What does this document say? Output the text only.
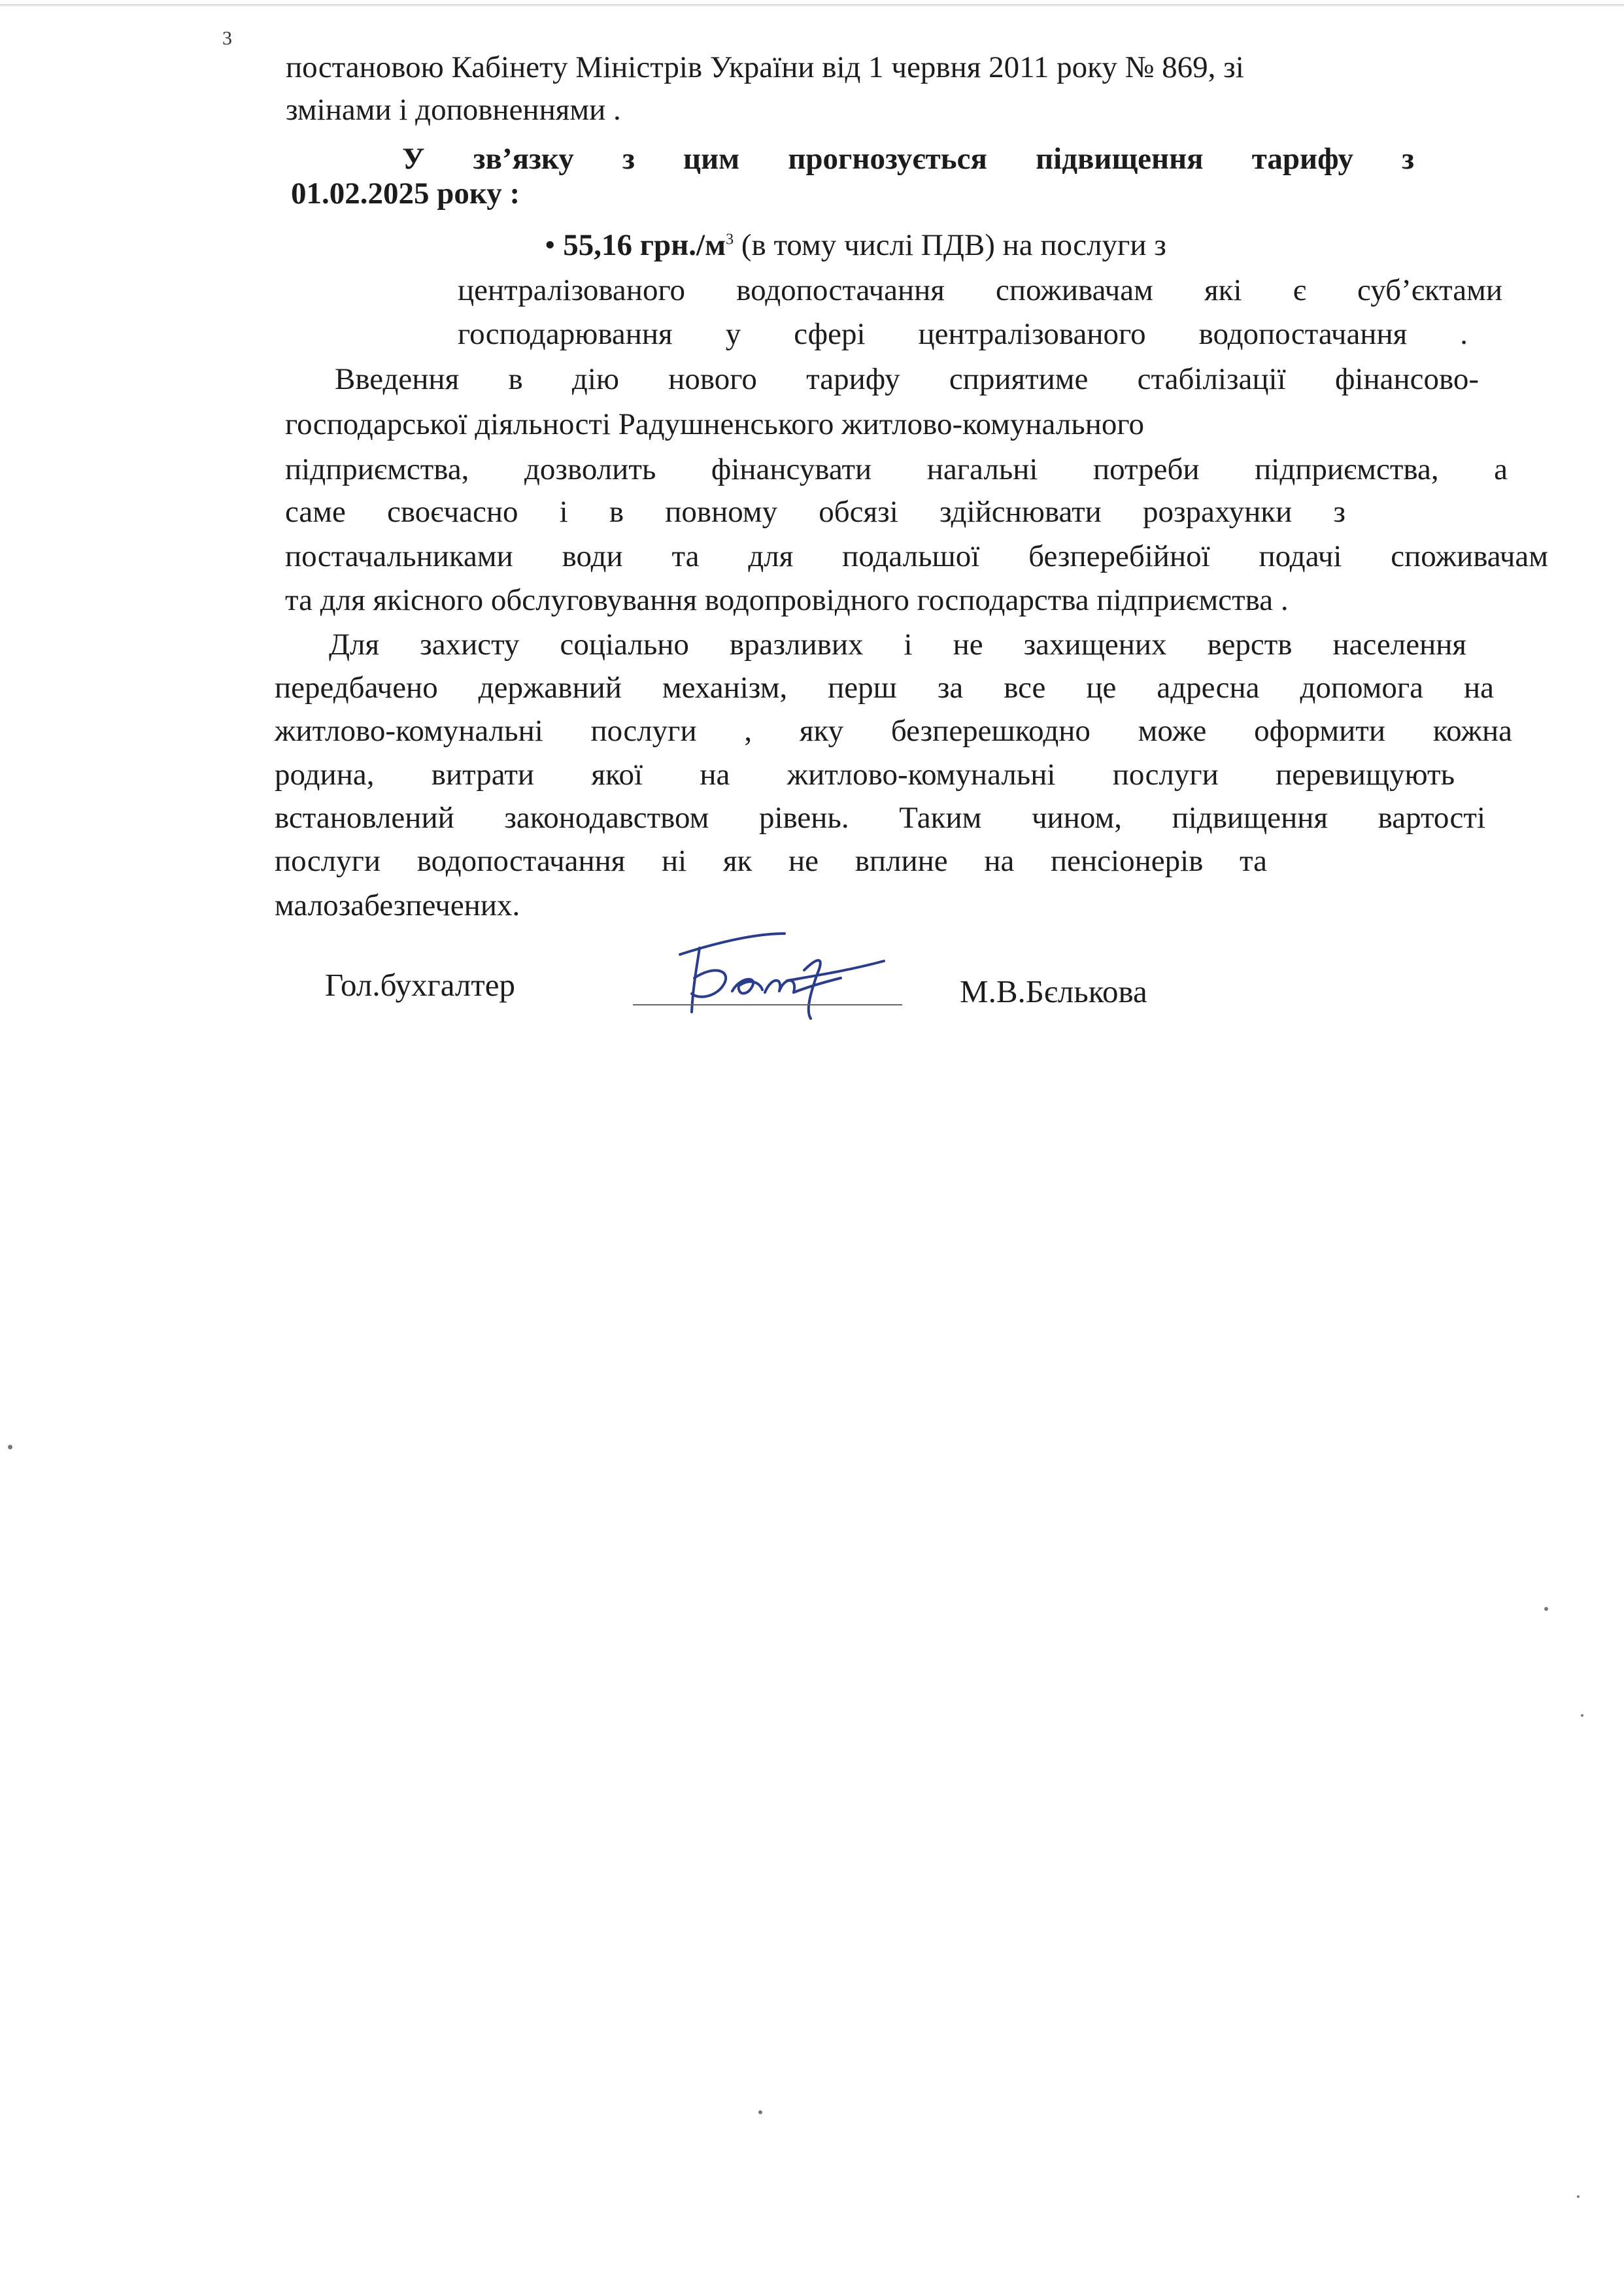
3
постановою Кабінету Міністрів України від 1 червня 2011 року № 869, зі
змінами і доповненнями .
У зв’язку з цим прогнозується підвищення тарифу з
01.02.2025 року :
• 55,16 $грн./м^3$ (в тому числі ПДВ) на послуги з
централізованого водопостачання споживачам які є суб’єктами
господарювання у сфері централізованого водопостачання .
Введення в дію нового тарифу сприятиме стабілізації фінансово-
господарської діяльності Радушненського житлово-комунального
підприємства, дозволить фінансувати нагальні потреби підприємства, а
саме своєчасно і в повному обсязі здійснювати розрахунки з
постачальниками води та для подальшої безперебійної подачі споживачам
та для якісного обслуговування водопровідного господарства підприємства .
Для захисту соціально вразливих і не захищених верств населення
передбачено державний механізм, перш за все це адресна допомога на
житлово-комунальні послуги , яку безперешкодно може оформити кожна
родина, витрати якої на житлово-комунальні послуги перевищують
встановлений законодавством рівень. Таким чином, підвищення вартості
послуги водопостачання ні як не вплине на пенсіонерів та
малозабезпечених.
Гол.бухгалтер	М.В.Бєлькова
